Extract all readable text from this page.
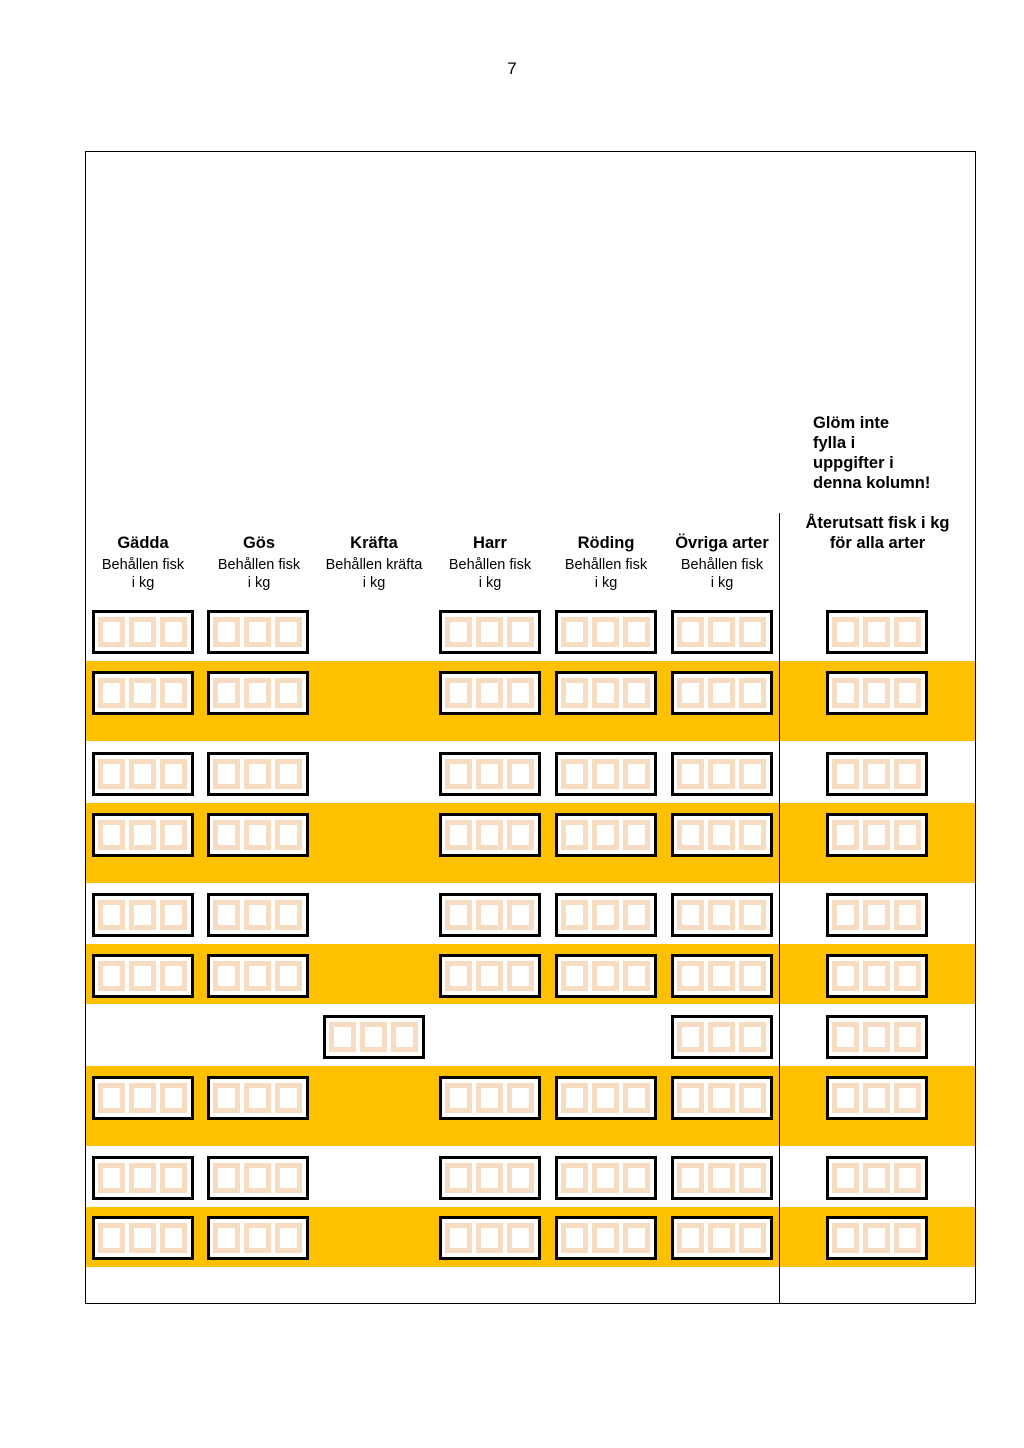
7
Glöm inte
fylla i
uppgifter i
denna kolumn!
Gädda
Behållen fisk
i kg
Gös
Behållen fisk
i kg
Kräfta
Behållen kräfta
i kg
Harr
Behållen fisk
i kg
Röding
Behållen fisk
i kg
Övriga arter
Behållen fisk
i kg
Återutsatt fisk i kg
för alla arter
